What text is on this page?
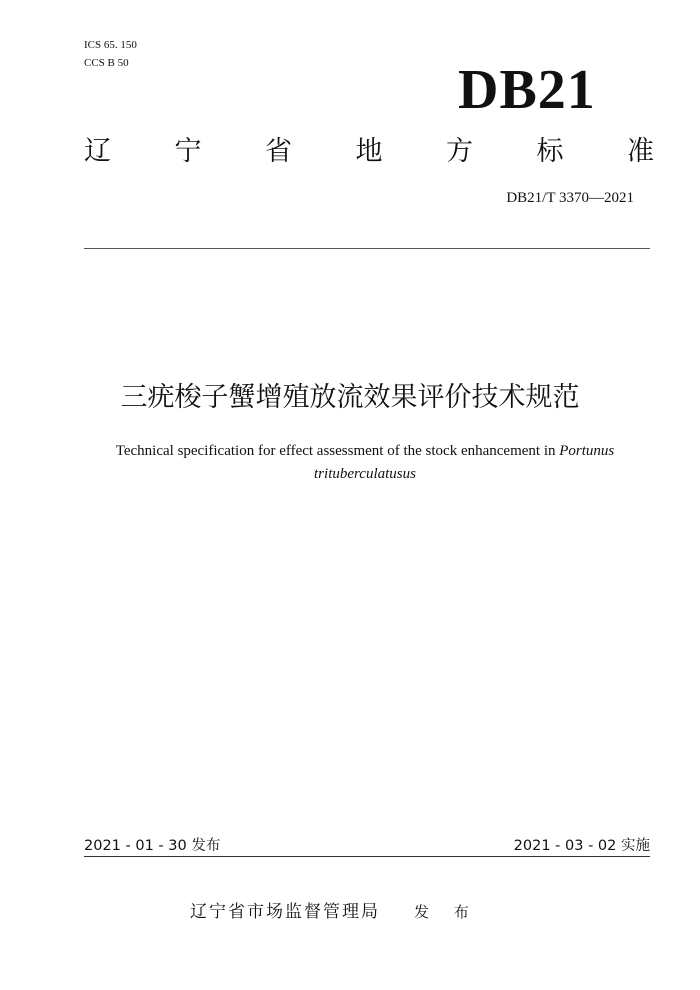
ICS 65. 150
CCS B 50	DB21
辽 宁 省 地 方 标 准
DB21/T 3370—2021
三疣梭子蟹增殖放流效果评价技术规范
Technical specification for effect assessment of the stock enhancement in Portunus trituberculatusus
2021 - 01 - 30 发布	2021 - 03 - 02 实施
辽宁省市场监督管理局 发 布
